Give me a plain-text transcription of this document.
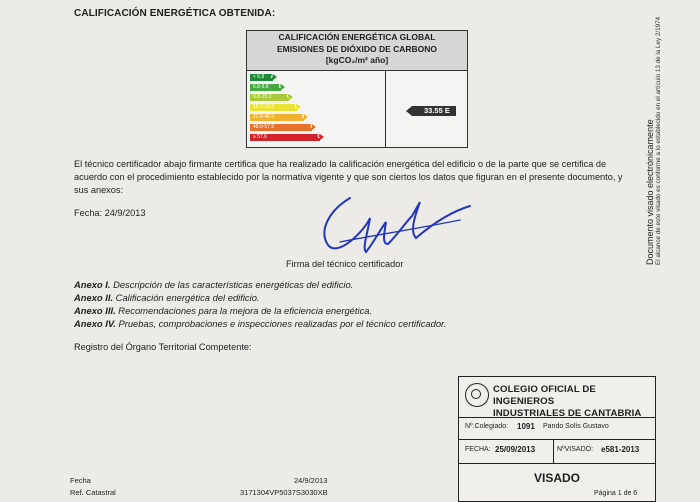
CALIFICACIÓN ENERGÉTICA OBTENIDA:
CALIFICACIÓN ENERGÉTICA GLOBAL
EMISIONES DE DIÓXIDO DE CARBONO
[kgCO₂/m² año]
< 6.8 A
6.8-9.8 B
9.8-15.2	C
15.2-23.8	D
23.8-48.0	E
48.0-57.6	F
≥ 57.6	G
33.55 E
El técnico certificador abajo firmante certifica que ha realizado la calificación energética del edificio o de la parte que se certifica de acuerdo con el procedimiento establecido por la normativa vigente y que son ciertos los datos que figuran en el presente documento, y sus anexos:
Fecha: 24/9/2013
Firma del técnico certificador
Anexo I. Descripción de las características energéticas del edificio.
Anexo II. Calificación energética del edificio.
Anexo III. Recomendaciones para la mejora de la eficiencia energética.
Anexo IV. Pruebas, comprobaciones e inspecciones realizadas por el técnico certificador.
Registro del Órgano Territorial Competente:
Documento visado electrónicamente El alcance de este visado es conforme a lo establecido en el artículo 13 de la Ley 2/1974
COLEGIO OFICIAL DE INGENIEROS
INDUSTRIALES DE CANTABRIA
Nº.Colegiado: 1091 Pando Solís Gustavo
FECHA: 25/09/2013	NºVISADO: e581-2013
VISADO
Fecha	24/9/2013
Ref. Catastral	3171304VP5037S3030XB	Página 1 de 6
